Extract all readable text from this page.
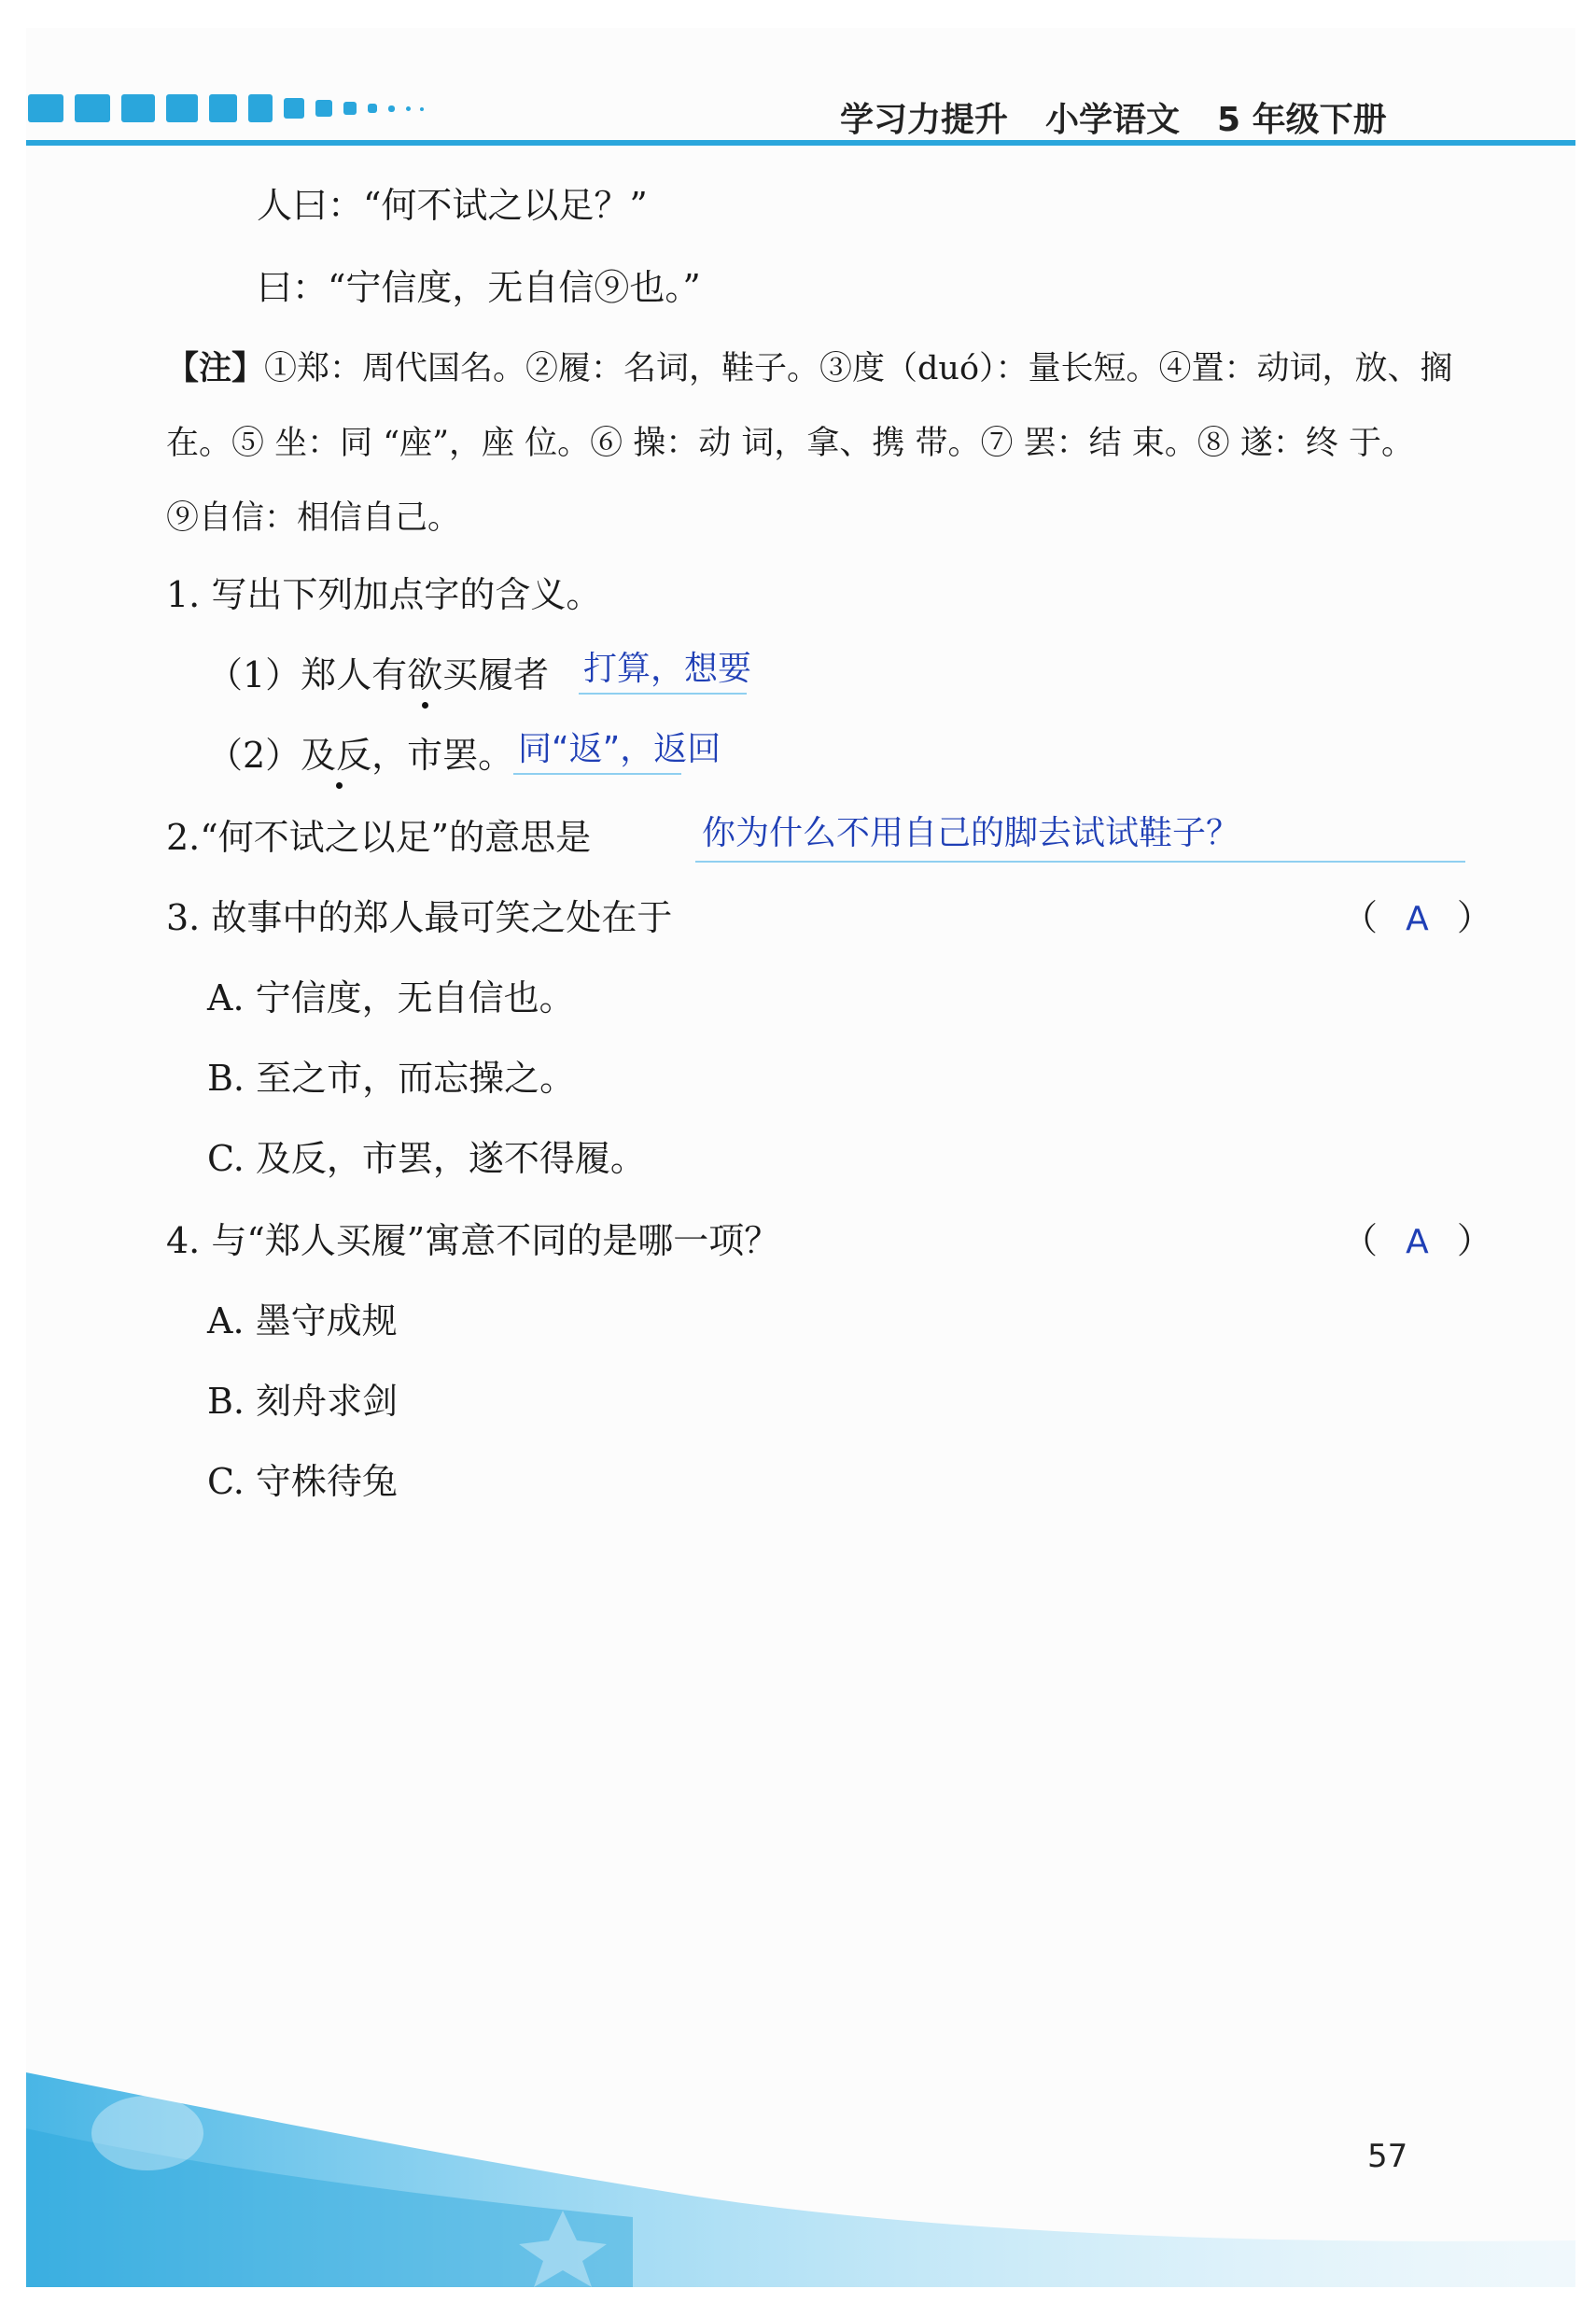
学习力提升 小学语文 5 年级下册
人曰：“何不试之以足？”
曰：“宁信度，无自信⑨也。”
【注】①郑：周代国名。②履：名词，鞋子。③度（duó）：量长短。④置：动词，放、搁
在。⑤ 坐：同 “座”，座 位。⑥ 操：动 词，拿、携 带。⑦ 罢：结 束。⑧ 遂：终 于。
⑨自信：相信自己。
1. 写出下列加点字的含义。
（1）郑人有欲买履者 打算，想要
（2）及反，市罢。 同“返”，返回
2.“何不试之以足”的意思是	你为什么不用自己的脚去试试鞋子？
3. 故事中的郑人最可笑之处在于	（ A ）
A. 宁信度，无自信也。
B. 至之市，而忘操之。
C. 及反，市罢，遂不得履。
4. 与“郑人买履”寓意不同的是哪一项？	（ A ）
A. 墨守成规
B. 刻舟求剑
C. 守株待兔
57
